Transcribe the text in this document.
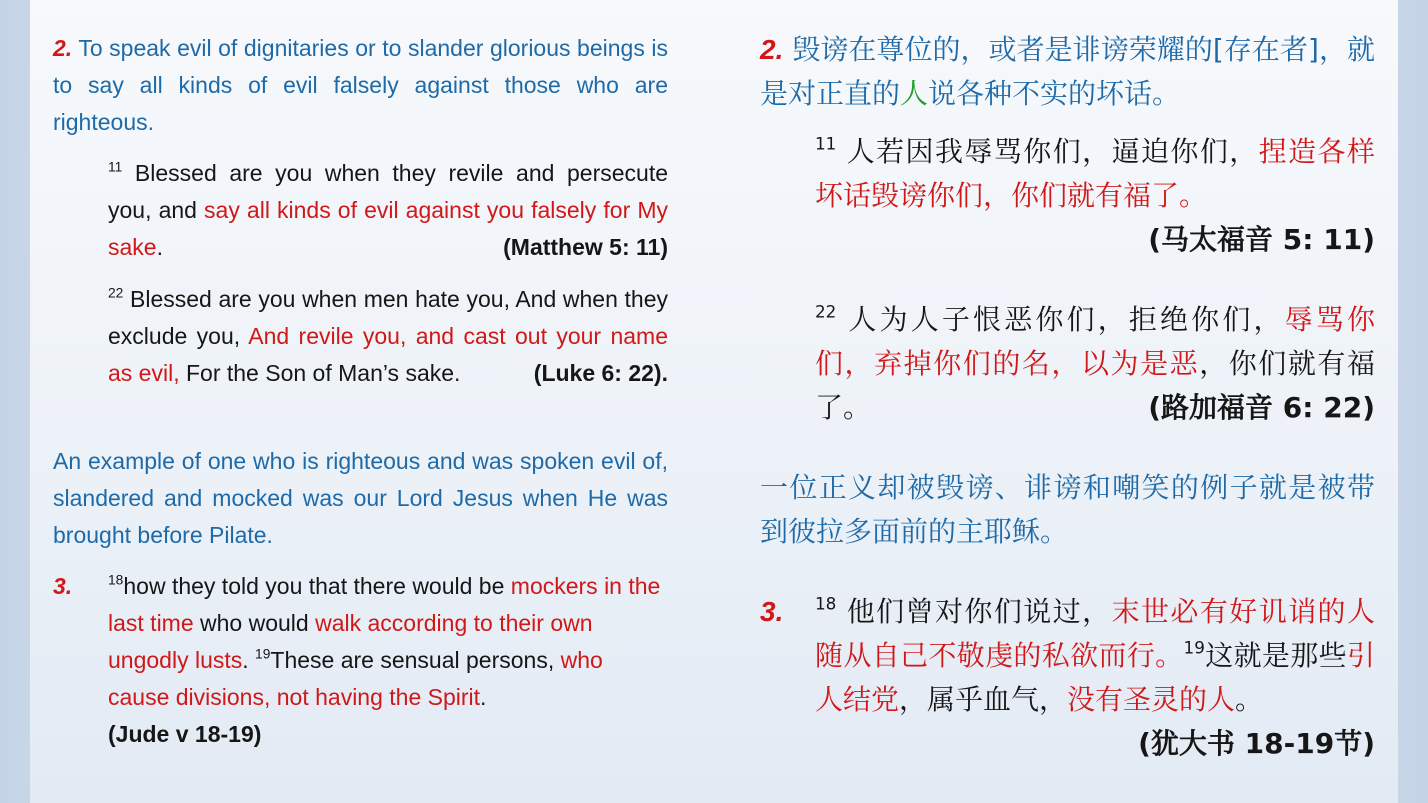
2. To speak evil of dignitaries or to slander glorious beings is to say all kinds of evil falsely against those who are righteous.

$^{11}$ Blessed are you when they revile and persecute you, and say all kinds of evil against you falsely for My sake.	(Matthew 5: 11)

$^{22}$ Blessed are you when men hate you, And when they exclude you, And revile you, and cast out your name as evil, For the Son of Man’s sake.	(Luke 6: 22).

An example of one who is righteous and was spoken evil of, slandered and mocked was our Lord Jesus when He was brought before Pilate.

3.	$^{18}$how they told you that there would be mockers in the last time who would walk according to their own ungodly lusts. $^{19}$These are sensual persons, who cause divisions, not having the Spirit.
(Jude v 18-19)

2. 毁谤在尊位的，或者是诽谤荣耀的[存在者]，就是对正直的人说各种不实的坏话。

$^{11}$ 人若因我辱骂你们，逼迫你们，捏造各样坏话毁谤你们，你们就有福了。
(马太福音 5: 11)

$^{22}$ 人为人子恨恶你们，拒绝你们，辱骂你们，弃掉你们的名，以为是恶，你们就有福了。	(路加福音 6: 22)

一位正义却被毁谤、诽谤和嘲笑的例子就是被带到彼拉多面前的主耶稣。

3. $^{18}$ 他们曾对你们说过，末世必有好讥诮的人随从自己不敬虔的私欲而行。$^{19}$这就是那些引人结党，属乎血气，没有圣灵的人。
(犹大书 18-19节)
